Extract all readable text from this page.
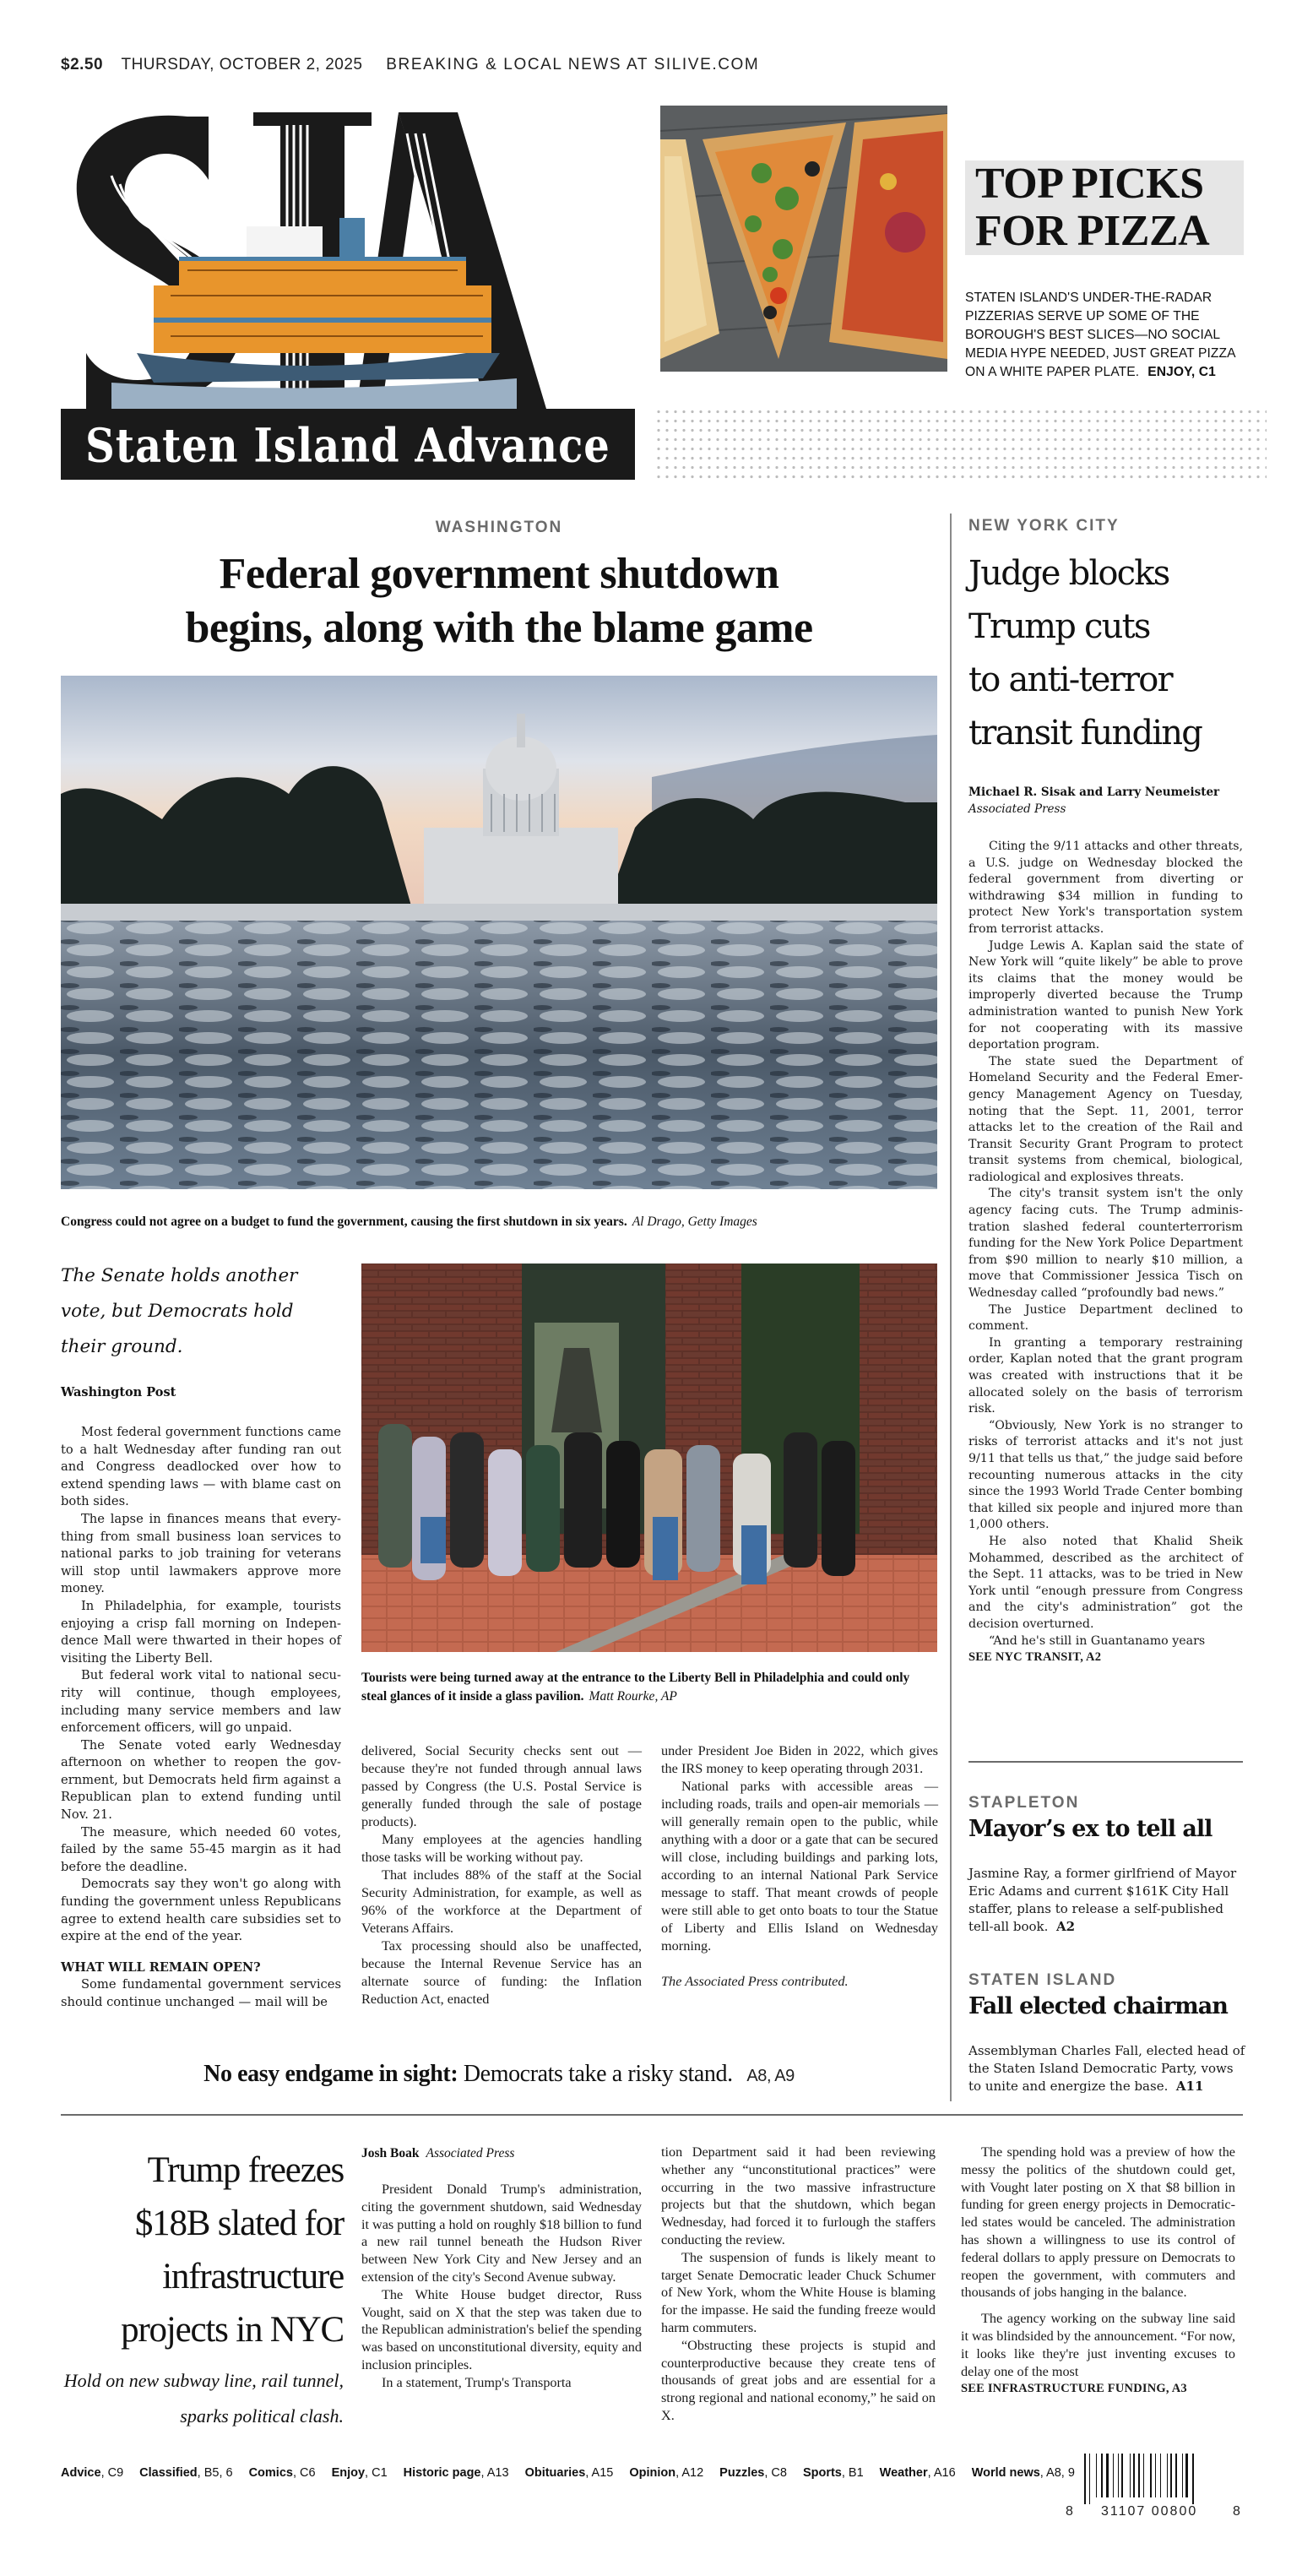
$2.50 THURSDAY, OCTOBER 2, 2025 BREAKING & LOCAL NEWS AT SILIVE.COM
Staten Island Advance
TOP PICKS
FOR PIZZA
STATEN ISLAND'S UNDER-THE-RADAR PIZZERIAS SERVE UP SOME OF THE BOROUGH'S BEST SLICES—NO SOCIAL MEDIA HYPE NEEDED, JUST GREAT PIZZA ON A WHITE PAPER PLATE. ENJOY, C1
WASHINGTON
Federal government shutdown
begins, along with the blame game
Congress could not agree on a budget to fund the government, causing the first shutdown in six years. Al Drago, Getty Images
The Senate holds another vote, but Democrats hold their ground.
Washington Post
Tourists were being turned away at the entrance to the Liberty Bell in Philadelphia and could only steal glances of it inside a glass pavilion. Matt Rourke, AP

Most federal government functions came to a halt Wednesday after funding ran out and Congress deadlocked over how to extend spending laws — with blame cast on both sides.

The lapse in finances means that everything from small business loan services to national parks to job training for veterans will stop until lawmakers approve more money.

In Philadelphia, for example, tourists enjoying a crisp fall morning on Independence Mall were thwarted in their hopes of visiting the Liberty Bell.

But federal work vital to national security will continue, though employees, including many service members and law enforcement officers, will go unpaid.

The Senate voted early Wednesday afternoon on whether to reopen the government, but Democrats held firm against a Republican plan to extend funding until Nov. 21.

The measure, which needed 60 votes, failed by the same 55-45 margin as it had before the deadline.

Democrats say they won't go along with funding the government unless Republicans agree to extend health care subsidies set to expire at the end of the year.

WHAT WILL REMAIN OPEN?

Some fundamental government services should continue unchanged — mail will be

delivered, Social Security checks sent out — because they're not funded through annual laws passed by Congress (the U.S. Postal Service is generally funded through the sale of postage products).

Many employees at the agencies handling those tasks will be working without pay.

That includes 88% of the staff at the Social Security Administration, for example, as well as 96% of the workforce at the Department of Veterans Affairs.

Tax processing should also be unaffected, because the Internal Revenue Service has an alternate source of funding: the Inflation Reduction Act, enacted

under President Joe Biden in 2022, which gives the IRS money to keep operating through 2031.

National parks with accessible areas — including roads, trails and open-air memorials — will generally remain open to the public, while anything with a door or a gate that can be secured will close, including buildings and parking lots, according to an internal National Park Service message to staff. That meant crowds of people were still able to get onto boats to tour the Statue of Liberty and Ellis Island on Wednesday morning.

The Associated Press contributed.

No easy endgame in sight: Democrats take a risky stand. A8, A9
NEW YORK CITY
Judge blocks
Trump cuts
to anti-terror
transit funding
Michael R. Sisak and Larry Neumeister
Associated Press

Citing the 9/11 attacks and other threats, a U.S. judge on Wednesday blocked the federal government from diverting or withdrawing $34 million in funding to protect New York's transportation system from terrorist attacks.

Judge Lewis A. Kaplan said the state of New York will “quite likely” be able to prove its claims that the money would be improperly diverted because the Trump administration wanted to punish New York for not cooperating with its massive deportation program.

The state sued the Department of Homeland Security and the Federal Emergency Management Agency on Tuesday, noting that the Sept. 11, 2001, terror attacks let to the creation of the Rail and Transit Security Grant Program to protect transit systems from chemical, biological, radiological and explosives threats.

The city's transit system isn't the only agency facing cuts. The Trump administration slashed federal counterterrorism funding for the New York Police Department from $90 million to nearly $10 million, a move that Commissioner Jessica Tisch on Wednesday called “profoundly bad news.”

The Justice Department declined to comment.

In granting a temporary restraining order, Kaplan noted that the grant program was created with instructions that it be allocated solely on the basis of terrorism risk.

“Obviously, New York is no stranger to risks of terrorist attacks and it's not just 9/11 that tells us that,” the judge said before recounting numerous attacks in the city since the 1993 World Trade Center bombing that killed six people and injured more than 1,000 others.

He also noted that Khalid Sheik Mohammed, described as the architect of the Sept. 11 attacks, was to be tried in New York until “enough pressure from Congress and the city's administration” got the decision overturned.

“And he's still in Guantanamo years

SEE NYC TRANSIT, A2

STAPLETON
Mayor’s ex to tell all
Jasmine Ray, a former girlfriend of Mayor Eric Adams and current $161K City Hall staffer, plans to release a self-published tell-all book. A2
STATEN ISLAND
Fall elected chairman
Assemblyman Charles Fall, elected head of the Staten Island Democratic Party, vows to unite and energize the base. A11
Trump freezes
$18B slated for
infrastructure
projects in NYC
Hold on new subway line, rail tunnel, sparks political clash.
Josh Boak Associated Press

President Donald Trump's administration, citing the government shutdown, said Wednesday it was putting a hold on roughly $18 billion to fund a new rail tunnel beneath the Hudson River between New York City and New Jersey and an extension of the city's Second Avenue subway.

The White House budget director, Russ Vought, said on X that the step was taken due to the Republican administration's belief the spending was based on unconstitutional diversity, equity and inclusion principles.

In a statement, Trump's Transporta

tion Department said it had been reviewing whether any “unconstitutional practices” were occurring in the two massive infrastructure projects but that the shutdown, which began Wednesday, had forced it to furlough the staffers conducting the review.

The suspension of funds is likely meant to target Senate Democratic leader Chuck Schumer of New York, whom the White House is blaming for the impasse. He said the funding freeze would harm commuters.

“Obstructing these projects is stupid and counterproductive because they create tens of thousands of great jobs and are essential for a strong regional and national economy,” he said on X.

The spending hold was a preview of how the messy the politics of the shutdown could get, with Vought later posting on X that $8 billion in funding for green energy projects in Democratic-led states would be canceled. The administration has shown a willingness to use its control of federal dollars to apply pressure on Democrats to reopen the government, with commuters and thousands of jobs hanging in the balance.

The agency working on the subway line said it was blindsided by the announcement. “For now, it looks like they're just inventing excuses to delay one of the most

SEE INFRASTRUCTURE FUNDING, A3

Advice, C9 Classified, B5, 6 Comics, C6 Enjoy, C1 Historic page, A13 Obituaries, A15 Opinion, A12 Puzzles, C8 Sports, B1 Weather, A16 World news, A8, 9
8 31107 00800	8
